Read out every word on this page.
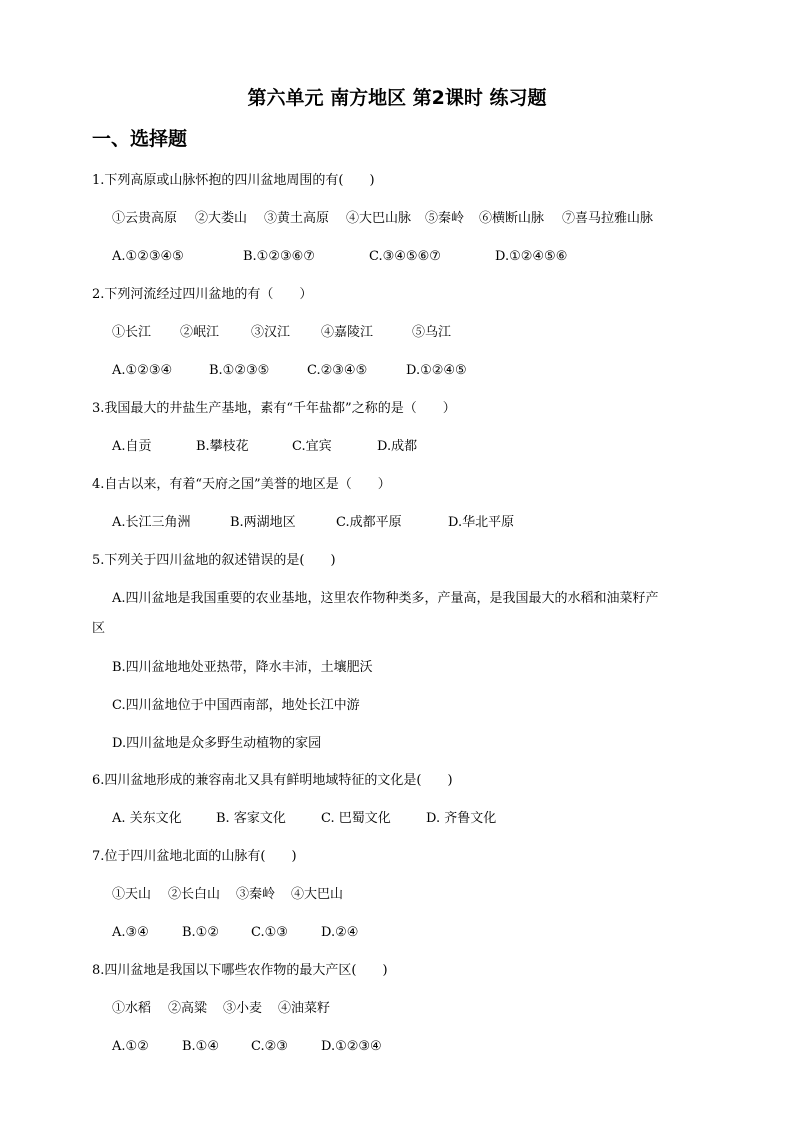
第六单元 南方地区 第2课时 练习题
一、选择题
1.下列高原或山脉怀抱的四川盆地周围的有(　　)
①云贵高原 ②大娄山 ③黄土高原 ④大巴山脉 ⑤秦岭 ⑥横断山脉 ⑦喜马拉雅山脉
A.①②③④⑤	B.①②③⑥⑦	C.③④⑤⑥⑦	D.①②④⑤⑥
2.下列河流经过四川盆地的有（　　）
①长江 ②岷江 ③汉江 ④嘉陵江	⑤乌江
A.①②③④	B.①②③⑤	C.②③④⑤	D.①②④⑤
3.我国最大的井盐生产基地，素有“千年盐都”之称的是（　　）
A.自贡	B.攀枝花	C.宜宾	D.成都
4.自古以来，有着“天府之国”美誉的地区是（　　）
A.长江三角洲	B.两湖地区	C.成都平原	D.华北平原
5.下列关于四川盆地的叙述错误的是(　　)
A.四川盆地是我国重要的农业基地，这里农作物种类多，产量高，是我国最大的水稻和油菜籽产
区
B.四川盆地地处亚热带，降水丰沛，土壤肥沃
C.四川盆地位于中国西南部，地处长江中游
D.四川盆地是众多野生动植物的家园
6.四川盆地形成的兼容南北又具有鲜明地域特征的文化是(　　)
A. 关东文化	B. 客家文化	C. 巴蜀文化	D. 齐鲁文化
7.位于四川盆地北面的山脉有(　　)
①天山 ②长白山 ③秦岭 ④大巴山
A.③④	B.①② C.①③	D.②④
8.四川盆地是我国以下哪些农作物的最大产区(　　)
①水稻 ②高粱 ③小麦 ④油菜籽
A.①②	B.①④ C.②③	D.①②③④
